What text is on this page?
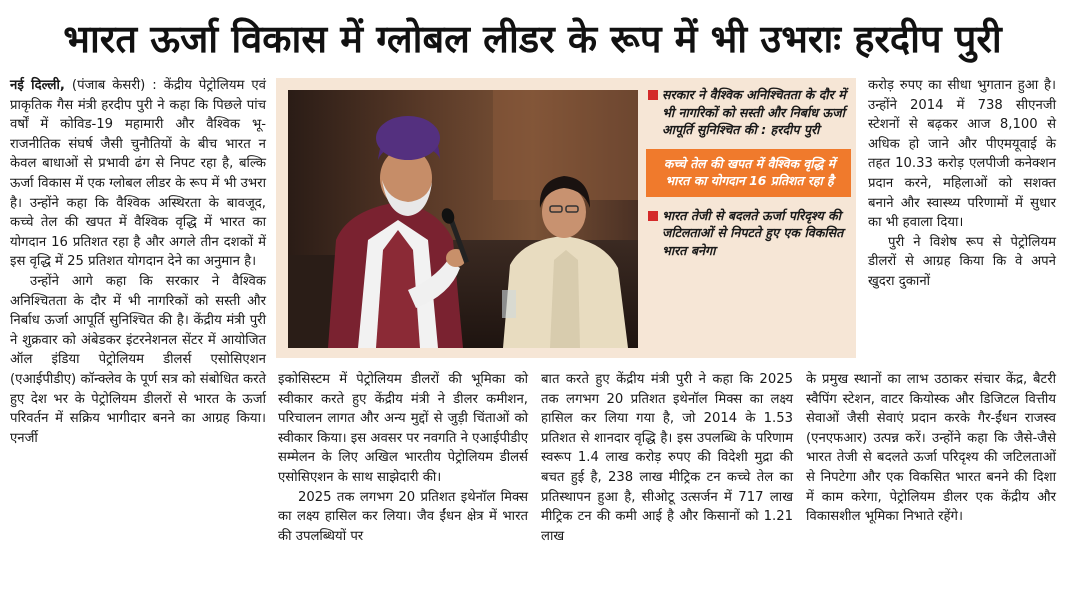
भारत ऊर्जा विकास में ग्लोबल लीडर के रूप में भी उभराः हरदीप पुरी

नई दिल्ली, (पंजाब केसरी) : केंद्रीय पेट्रोलियम एवं प्राकृतिक गैस मंत्री हरदीप पुरी ने कहा कि पिछले पांच वर्षों में कोविड-19 महामारी और वैश्विक भू-राजनीतिक संघर्ष जैसी चुनौतियों के बीच भारत न केवल बाधाओं से प्रभावी ढंग से निपट रहा है, बल्कि ऊर्जा विकास में एक ग्लोबल लीडर के रूप में भी उभरा है। उन्होंने कहा कि वैश्विक अस्थिरता के बावजूद, कच्चे तेल की खपत में वैश्विक वृद्धि में भारत का योगदान 16 प्रतिशत रहा है और अगले तीन दशकों में इस वृद्धि में 25 प्रतिशत योगदान देने का अनुमान है।

उन्होंने आगे कहा कि सरकार ने वैश्विक अनिश्चितता के दौर में भी नागरिकों को सस्ती और निर्बाध ऊर्जा आपूर्ति सुनिश्चित की है। केंद्रीय मंत्री पुरी ने शुक्रवार को अंबेडकर इंटरनेशनल सेंटर में आयोजित ऑल इंडिया पेट्रोलियम डीलर्स एसोसिएशन (एआईपीडीए) कॉन्क्लेव के पूर्ण सत्र को संबोधित करते हुए देश भर के पेट्रोलियम डीलरों से भारत के ऊर्जा परिवर्तन में सक्रिय भागीदार बनने का आग्रह किया। एनर्जी

सरकार ने वैश्विक अनिश्चितता के दौर में भी नागरिकों को सस्ती और निर्बाध ऊर्जा आपूर्ति सुनिश्चित की : हरदीप पुरी
कच्चे तेल की खपत में वैश्विक वृद्धि में भारत का योगदान 16 प्रतिशत रहा है
भारत तेजी से बदलते ऊर्जा परिदृश्य की जटिलताओं से निपटते हुए एक विकसित भारत बनेगा

करोड़ रुपए का सीधा भुगतान हुआ है। उन्होंने 2014 में 738 सीएनजी स्टेशनों से बढ़कर आज 8,100 से अधिक हो जाने और पीएमयूवाई के तहत 10.33 करोड़ एलपीजी कनेक्शन प्रदान करने, महिलाओं को सशक्त बनाने और स्वास्थ्य परिणामों में सुधार का भी हवाला दिया।

पुरी ने विशेष रूप से पेट्रोलियम डीलरों से आग्रह किया कि वे अपने खुदरा दुकानों

इकोसिस्टम में पेट्रोलियम डीलरों की भूमिका को स्वीकार करते हुए केंद्रीय मंत्री ने डीलर कमीशन, परिचालन लागत और अन्य मुद्दों से जुड़ी चिंताओं को स्वीकार किया। इस अवसर पर नवगति ने एआईपीडीए सम्मेलन के लिए अखिल भारतीय पेट्रोलियम डीलर्स एसोसिएशन के साथ साझेदारी की।

2025 तक लगभग 20 प्रतिशत इथेनॉल मिक्स का लक्ष्य हासिल कर लिया। जैव ईंधन क्षेत्र में भारत की उपलब्धियों पर

बात करते हुए केंद्रीय मंत्री पुरी ने कहा कि 2025 तक लगभग 20 प्रतिशत इथेनॉल मिक्स का लक्ष्य हासिल कर लिया गया है, जो 2014 के 1.53 प्रतिशत से शानदार वृद्धि है। इस उपलब्धि के परिणाम स्वरूप 1.4 लाख करोड़ रुपए की विदेशी मुद्रा की बचत हुई है, 238 लाख मीट्रिक टन कच्चे तेल का प्रतिस्थापन हुआ है, सीओटू उत्सर्जन में 717 लाख मीट्रिक टन की कमी आई है और किसानों को 1.21 लाख

के प्रमुख स्थानों का लाभ उठाकर संचार केंद्र, बैटरी स्वैपिंग स्टेशन, वाटर कियोस्क और डिजिटल वित्तीय सेवाओं जैसी सेवाएं प्रदान करके गैर-ईंधन राजस्व (एनएफआर) उत्पन्न करें। उन्होंने कहा कि जैसे-जैसे भारत तेजी से बदलते ऊर्जा परिदृश्य की जटिलताओं से निपटेगा और एक विकसित भारत बनने की दिशा में काम करेगा, पेट्रोलियम डीलर एक केंद्रीय और विकासशील भूमिका निभाते रहेंगे।
